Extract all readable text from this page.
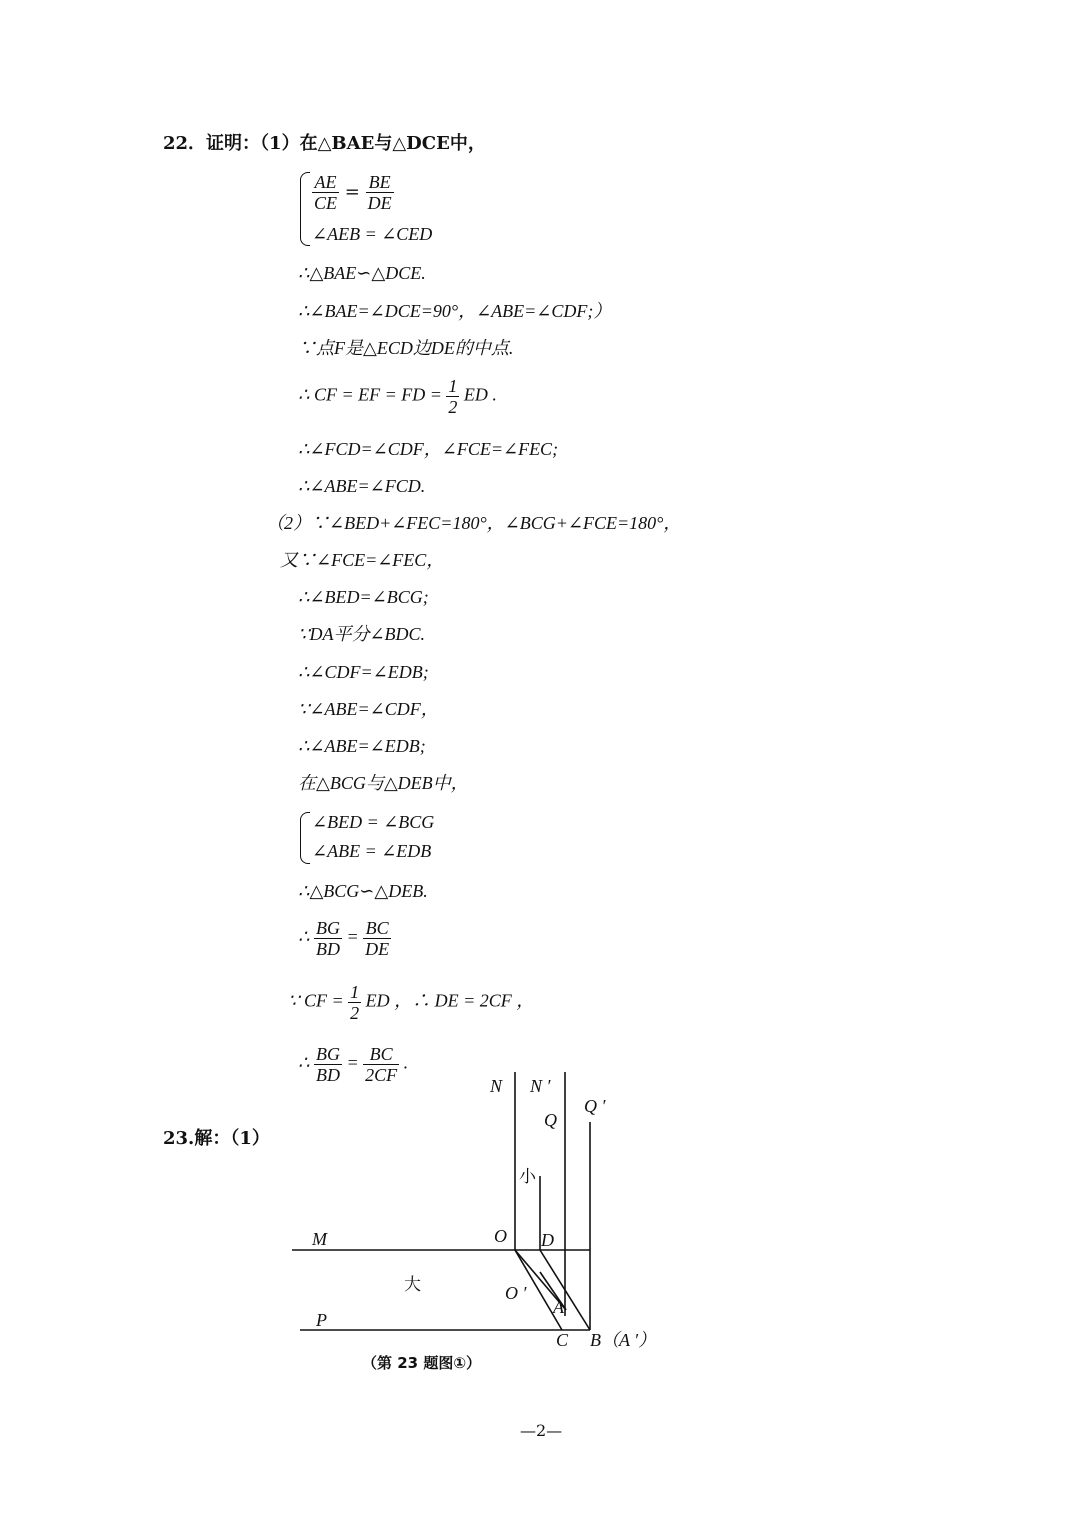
22．证明：（1）在△BAE与△DCE中，
$\frac{AE}{CE} = \frac{BE}{DE}$
∠AEB = ∠CED
∴△BAE∽△DCE.
∴∠BAE=∠DCE=90°，∠ABE=∠CDF;）
∵点F是△ECD边DE的中点.
∴ CF = EF = FD = $\frac{1}{2}$ ED .
∴∠FCD=∠CDF，∠FCE=∠FEC;
∴∠ABE=∠FCD.
（2）∵∠BED+∠FEC=180°，∠BCG+∠FCE=180°，
又∵∠FCE=∠FEC，
∴∠BED=∠BCG;
∵DA平分∠BDC.
∴∠CDF=∠EDB;
∵∠ABE=∠CDF，
∴∠ABE=∠EDB;
在△BCG与△DEB中，
∠BED = ∠BCG
∠ABE = ∠EDB
∴△BCG∽△DEB.
∴ $\frac{BG}{BD} = \frac{BC}{DE}$
∵ CF = $\frac{1}{2}$ ED ，∴ DE = 2CF ，
∴ $\frac{BG}{BD} = \frac{BC}{2CF}$ .
23.解：（1）
N N ′
Q ′
Q
小
M	O D
大	O ′
A
P
C B（A ′）
（第 23 题图①）
—2—
